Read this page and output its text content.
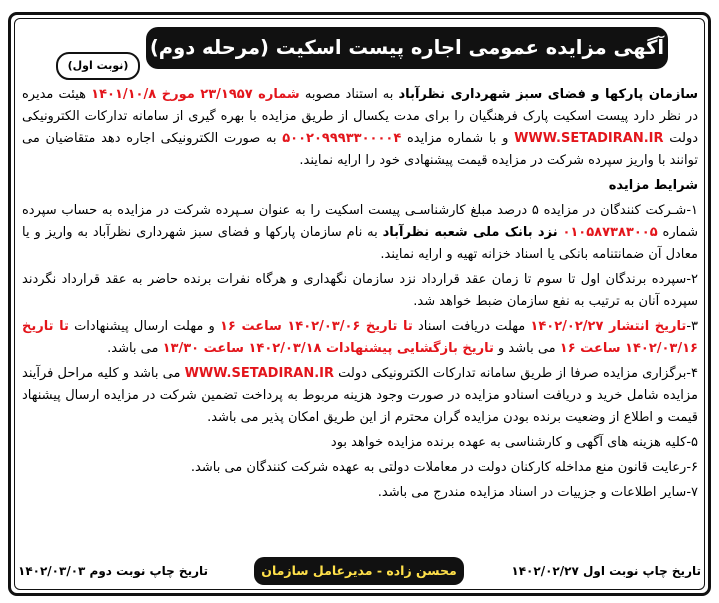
آگهی مزایده عمومی اجاره پیست اسکیت (مرحله دوم)
(نوبت اول)

سازمان پارکها و فضای سبز شهرداری نظرآباد به استناد مصوبه شماره ۲۳/۱۹۵۷ مورخ ۱۴۰۱/۱۰/۸ هیئت مدیره در نظر دارد پیست اسکیت پارک فرهنگیان را برای مدت یکسال از طریق مزایده با بهره گیری از سامانه تدارکات الکترونیکی دولت WWW.SETADIRAN.IR و با شماره مزایده ۵۰۰۲۰۹۹۹۳۳۰۰۰۰۴ به صورت الکترونیکی اجاره دهد متقاضیان می توانند با واریز سپرده شرکت در مزایده قیمت پیشنهادی خود را ارایه نمایند.

شرایط مزایده

۱-شـرکت کنندگان در مزایده ۵ درصد مبلغ کارشناسـی پیست اسکیت را به عنوان سـپرده شرکت در مزایده به حساب سپرده شماره ۰۱۰۵۸۷۳۸۳۰۰۵ نزد بانک ملی شعبه نظرآباد به نام سازمان پارکها و فضای سبز شهرداری نظرآباد به واریز و یا معادل آن ضمانتنامه بانکی یا اسناد خزانه تهیه و ارایه نمایند.

۲-سپرده برندگان اول تا سوم تا زمان عقد قرارداد نزد سازمان نگهداری و هرگاه نفرات برنده حاضر به عقد قرارداد نگردند سپرده آنان به ترتیب به نفع سازمان ضبط خواهد شد.

۳-تاریخ انتشار ۱۴۰۲/۰۲/۲۷ مهلت دریافت اسناد تا تاریخ ۱۴۰۲/۰۳/۰۶ ساعت ۱۶ و مهلت ارسال پیشنهادات تا تاریخ ۱۴۰۲/۰۳/۱۶ ساعت ۱۶ می باشد و تاریخ بازگشایی پیشنهادات ۱۴۰۲/۰۳/۱۸ ساعت ۱۳/۳۰ می باشد.

۴-برگزاری مزایده صرفا از طریق سامانه تدارکات الکترونیکی دولت WWW.SETADIRAN.IR می باشد و کلیه مراحل فرآیند مزایده شامل خرید و دریافت اسنادو مزایده در صورت وجود هزینه مربوط به پرداخت تضمین شرکت در مزایده ارسال پیشنهاد قیمت و اطلاع از وضعیت برنده بودن مزایده گران محترم از این طریق امکان پذیر می باشد.

۵-کلیه هزینه های آگهی و کارشناسی به عهده برنده مزایده خواهد بود

۶-رعایت قانون منع مداخله کارکنان دولت در معاملات دولتی به عهده شرکت کنندگان می باشد.

۷-سایر اطلاعات و جزییات در اسناد مزایده مندرج می باشد.

تاریخ چاپ نوبت اول ۱۴۰۲/۰۲/۲۷
محسن زاده - مدیرعامل سازمان
تاریخ چاپ نوبت دوم ۱۴۰۲/۰۳/۰۳
